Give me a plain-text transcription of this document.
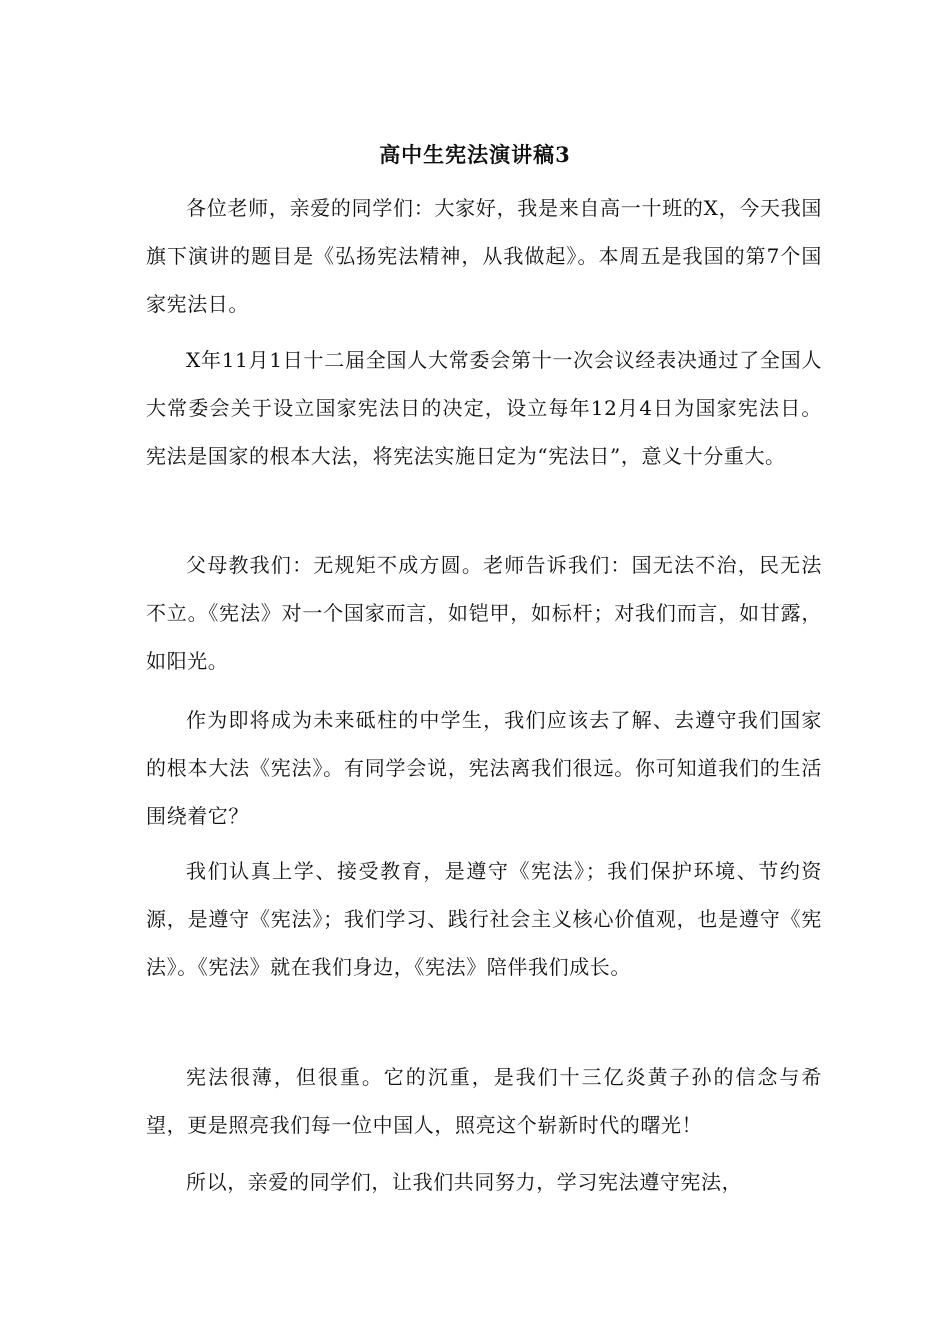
高中生宪法演讲稿3

各位老师，亲爱的同学们：大家好，我是来自高一十班的X，今天我国旗下演讲的题目是《弘扬宪法精神，从我做起》。本周五是我国的第7个国家宪法日。

X年11月1日十二届全国人大常委会第十一次会议经表决通过了全国人大常委会关于设立国家宪法日的决定，设立每年12月4日为国家宪法日。宪法是国家的根本大法，将宪法实施日定为“宪法日”，意义十分重大。

父母教我们：无规矩不成方圆。老师告诉我们：国无法不治，民无法不立。《宪法》对一个国家而言，如铠甲，如标杆；对我们而言，如甘露，如阳光。

作为即将成为未来砥柱的中学生，我们应该去了解、去遵守我们国家的根本大法《宪法》。有同学会说，宪法离我们很远。你可知道我们的生活围绕着它？

我们认真上学、接受教育，是遵守《宪法》；我们保护环境、节约资源，是遵守《宪法》；我们学习、践行社会主义核心价值观，也是遵守《宪法》。《宪法》就在我们身边，《宪法》陪伴我们成长。

宪法很薄，但很重。它的沉重，是我们十三亿炎黄子孙的信念与希望，更是照亮我们每一位中国人，照亮这个崭新时代的曙光！

所以，亲爱的同学们，让我们共同努力，学习宪法遵守宪法，
